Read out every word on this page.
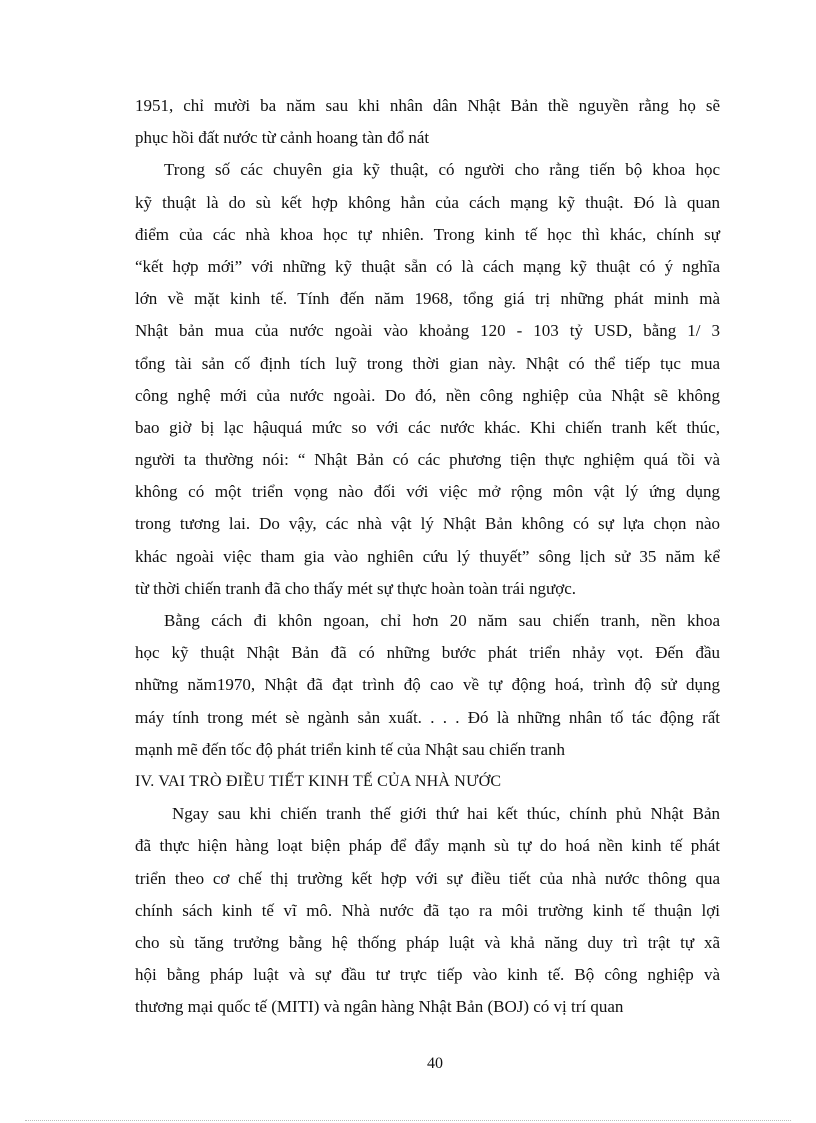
1951, chỉ mười ba năm sau khi nhân dân Nhật Bản thề nguyền rằng họ sẽ
phục hồi đất nước từ cảnh hoang tàn đổ nát
Trong số các chuyên gia kỹ thuật, có người cho rằng tiến bộ khoa học
kỹ thuật là do sù kết hợp không hẳn của cách mạng kỹ thuật. Đó là quan
điểm của các nhà khoa học tự nhiên. Trong kinh tế học thì khác, chính sự
“kết hợp mới” với những kỹ thuật sẵn có là cách mạng kỹ thuật có ý nghĩa
lớn về mặt kinh tế. Tính đến năm 1968, tổng giá trị những phát minh mà
Nhật bản mua của nước ngoài vào khoảng 120 - 103 tỷ USD, bằng 1/ 3
tổng tài sản cố định tích luỹ trong thời gian này. Nhật có thể tiếp tục mua
công nghệ mới của nước ngoài. Do đó, nền công nghiệp của Nhật sẽ không
bao giờ bị lạc hậuquá mức so với các nước khác. Khi chiến tranh kết thúc,
người ta thường nói: “ Nhật Bản có các phương tiện thực nghiệm quá tồi và
không có một triển vọng nào đối với việc mở rộng môn vật lý ứng dụng
trong tương lai. Do vậy, các nhà vật lý Nhật Bản không có sự lựa chọn nào
khác ngoài việc tham gia vào nghiên cứu lý thuyết” sông lịch sử 35 năm kể
từ thời chiến tranh đã cho thấy mét sự thực hoàn toàn trái ngược.
Bằng cách đi khôn ngoan, chỉ hơn 20 năm sau chiến tranh, nền khoa
học kỹ thuật Nhật Bản đã có những bước phát triển nhảy vọt. Đến đầu
những năm1970, Nhật đã đạt trình độ cao về tự động hoá, trình độ sử dụng
máy tính trong mét sè ngành sản xuất. . . . Đó là những nhân tố tác động rất
mạnh mẽ đến tốc độ phát triển kinh tế của Nhật sau chiến tranh
IV. VAI TRÒ ĐIỀU TIẾT KINH TẾ CỦA NHÀ NƯỚC
Ngay sau khi chiến tranh thế giới thứ hai kết thúc, chính phủ Nhật Bản
đã thực hiện hàng loạt biện pháp để đẩy mạnh sù tự do hoá nền kinh tế phát
triển theo cơ chế thị trường kết hợp với sự điều tiết của nhà nước thông qua
chính sách kinh tế vĩ mô. Nhà nước đã tạo ra môi trường kinh tế thuận lợi
cho sù tăng trưởng bằng hệ thống pháp luật và khả năng duy trì trật tự xã
hội bằng pháp luật và sự đầu tư trực tiếp vào kinh tế. Bộ công nghiệp và
thương mại quốc tế (MITI) và ngân hàng Nhật Bản (BOJ) có vị trí quan
40
